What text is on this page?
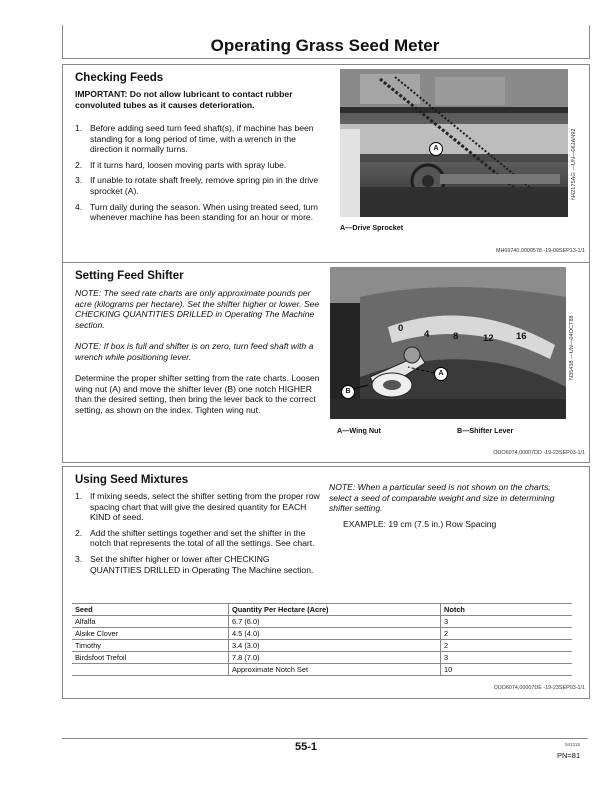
Operating Grass Seed Meter
Checking Feeds
IMPORTANT: Do not allow lubricant to contact rubber convoluted tubes as it causes deterioration.
1. Before adding seed turn feed shaft(s), if machine has been standing for a long period of time, with a wrench in the direction it normally turns.
2. If it turns hard, loosen moving parts with spray lube.
3. If unable to rotate shaft freely, remove spring pin in the drive sprocket (A).
4. Turn daily during the season. When using treated seed, turn whenever machine has been standing for an hour or more.
A	N42175AG —UN—06JAN92
A—Drive Sprocket
MH69740,0000578 -19-09SEP13-1/1
Setting Feed Shifter
NOTE: The seed rate charts are only approximate pounds per acre (kilograms per hectare). Set the shifter higher or lower. See CHECKING QUANTITIES DRILLED in Operating The Machine section.
NOTE: If box is full and shifter is on zero, turn feed shaft with a wrench while positioning lever.
Determine the proper shifter setting from the rate charts. Loosen wing nut (A) and move the shifter lever (B) one notch HIGHER than the desired setting, then bring the lever back to the correct setting, as shown on the index. Tighten wing nut.
0
4 8	12 16
B
A	N35438 —UN—04OCT88
A—Wing Nut	B—Shifter Lever
OUO6074,00007DD -19-23SEP03-1/1
Using Seed Mixtures
1. If mixing seeds, select the shifter setting from the proper row spacing chart that will give the desired quantity for EACH KIND of seed.
2. Add the shifter settings together and set the shifter in the notch that represents the total of all the settings. See chart.
3. Set the shifter higher or lower after CHECKING QUANTITIES DRILLED in Operating The Machine section.
NOTE: When a particular seed is not shown on the charts, select a seed of comparable weight and size in determining shifter setting.
EXAMPLE: 19 cm (7.5 in.) Row Spacing
Seed	Quantity Per Hectare (Acre)	Notch
Alfalfa	6.7 (6.0)	3
Alsike Clover	4.5 (4.0)	2
Timothy	3.4 (3.0)	2
Birdsfoot Trefoil	7.8 (7.0)	3
	Approximate Notch Set	10
OUO6074,00007DE -19-23SEP03-1/1
55-1	041315
PN=81
